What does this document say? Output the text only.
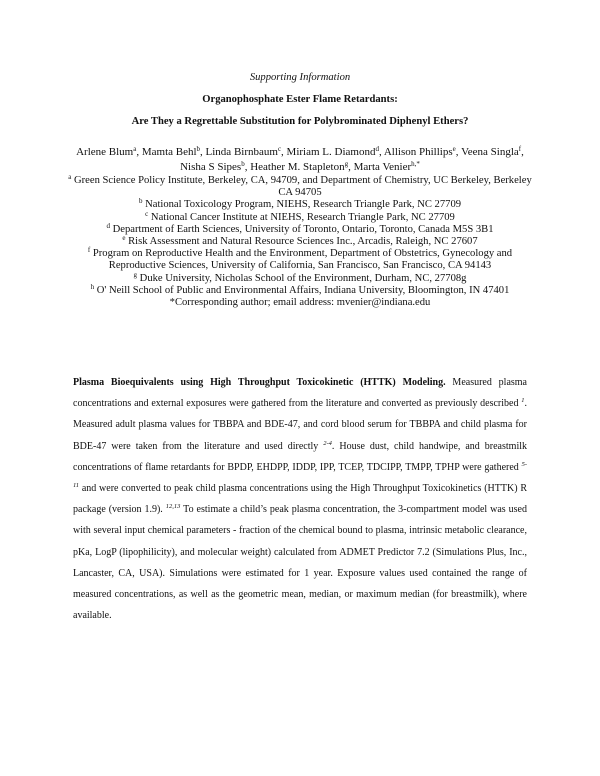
Supporting Information
Organophosphate Ester Flame Retardants:
Are They a Regrettable Substitution for Polybrominated Diphenyl Ethers?
Arlene Blum$^a$, Mamta Behl$^b$, Linda Birnbaum$^c$, Miriam L. Diamond$^d$, Allison Phillips$^e$, Veena Singla$^f$, Nisha S Sipes$^b$, Heather M. Stapleton$^g$, Marta Venier$^{h,*}$
$^a$ Green Science Policy Institute, Berkeley, CA, 94709, and Department of Chemistry, UC Berkeley, Berkeley CA 94705
$^b$ National Toxicology Program, NIEHS, Research Triangle Park, NC 27709
$^c$ National Cancer Institute at NIEHS, Research Triangle Park, NC 27709
$^d$ Department of Earth Sciences, University of Toronto, Ontario, Toronto, Canada M5S 3B1
$^e$ Risk Assessment and Natural Resource Sciences Inc., Arcadis, Raleigh, NC 27607
$^f$ Program on Reproductive Health and the Environment, Department of Obstetrics, Gynecology and Reproductive Sciences, University of California, San Francisco, San Francisco, CA 94143
$^g$ Duke University, Nicholas School of the Environment, Durham, NC, 27708g
$^h$ O' Neill School of Public and Environmental Affairs, Indiana University, Bloomington, IN 47401
*Corresponding author; email address: mvenier@indiana.edu
Plasma Bioequivalents using High Throughput Toxicokinetic (HTTK) Modeling. Measured plasma concentrations and external exposures were gathered from the literature and converted as previously described $^1$. Measured adult plasma values for TBBPA and BDE-47, and cord blood serum for TBBPA and child plasma for BDE-47 were taken from the literature and used directly $^{2-4}$. House dust, child handwipe, and breastmilk concentrations of flame retardants for BPDP, EHDPP, IDDP, IPP, TCEP, TDCIPP, TMPP, TPHP were gathered $^{5-11}$ and were converted to peak child plasma concentrations using the High Throughput Toxicokinetics (HTTK) R package (version 1.9). $^{12,13}$ To estimate a child’s peak plasma concentration, the 3-compartment model was used with several input chemical parameters - fraction of the chemical bound to plasma, intrinsic metabolic clearance, pKa, LogP (lipophilicity), and molecular weight) calculated from ADMET Predictor 7.2 (Simulations Plus, Inc., Lancaster, CA, USA). Simulations were estimated for 1 year. Exposure values used contained the range of measured concentrations, as well as the geometric mean, median, or maximum median (for breastmilk), where available.
